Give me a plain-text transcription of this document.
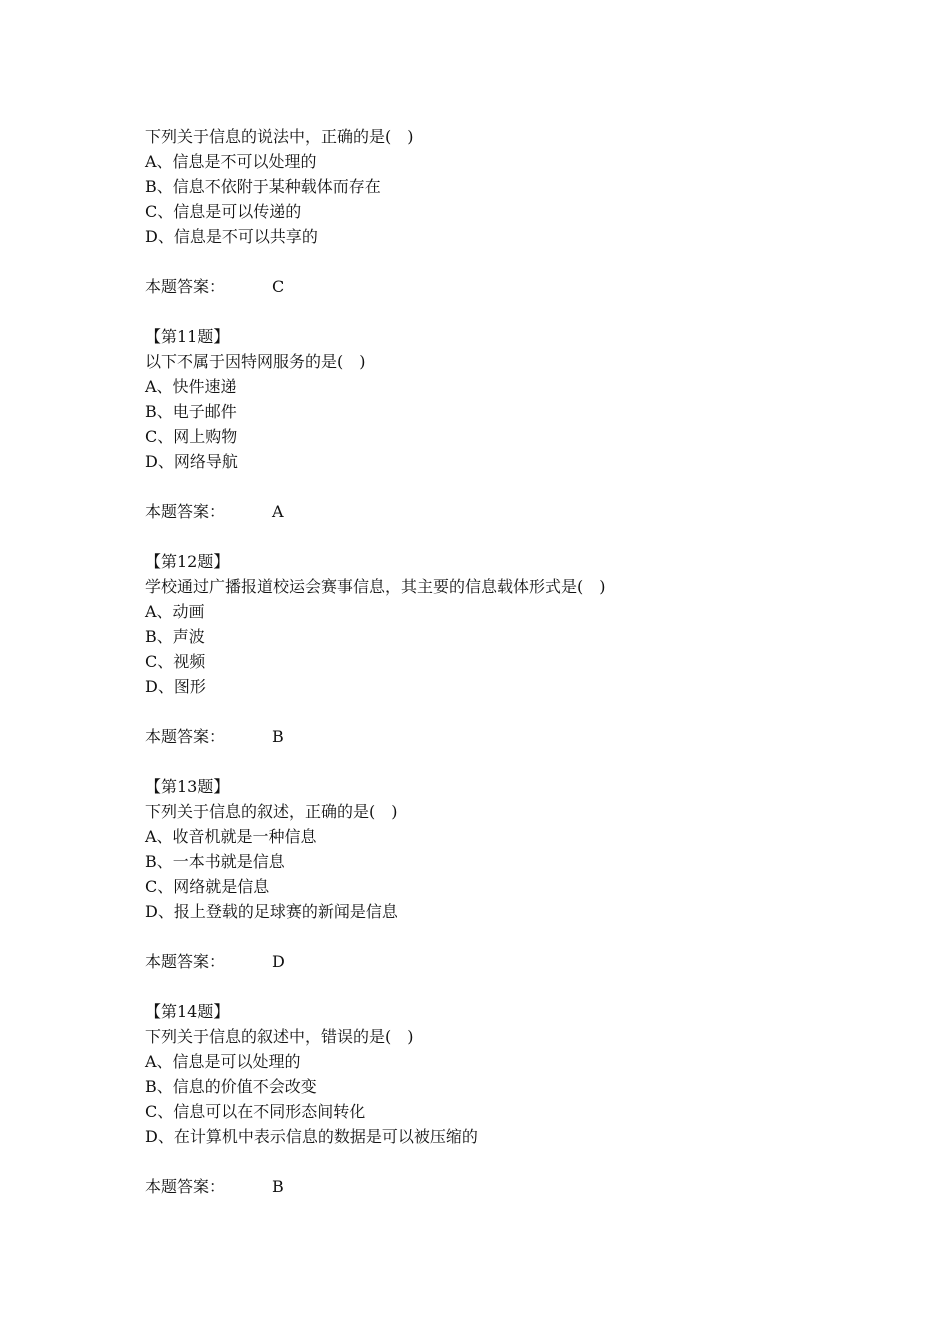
下列关于信息的说法中，正确的是(　)
A、信息是不可以处理的
B、信息不依附于某种载体而存在
C、信息是可以传递的
D、信息是不可以共享的
本题答案：	C
【第11题】
以下不属于因特网服务的是(　)
A、快件速递
B、电子邮件
C、网上购物
D、网络导航
本题答案：	A
【第12题】
学校通过广播报道校运会赛事信息，其主要的信息载体形式是(　)
A、动画
B、声波
C、视频
D、图形
本题答案：	B
【第13题】
下列关于信息的叙述，正确的是(　)
A、收音机就是一种信息
B、一本书就是信息
C、网络就是信息
D、报上登载的足球赛的新闻是信息
本题答案：	D
【第14题】
下列关于信息的叙述中，错误的是(　)
A、信息是可以处理的
B、信息的价值不会改变
C、信息可以在不同形态间转化
D、在计算机中表示信息的数据是可以被压缩的
本题答案：	B
